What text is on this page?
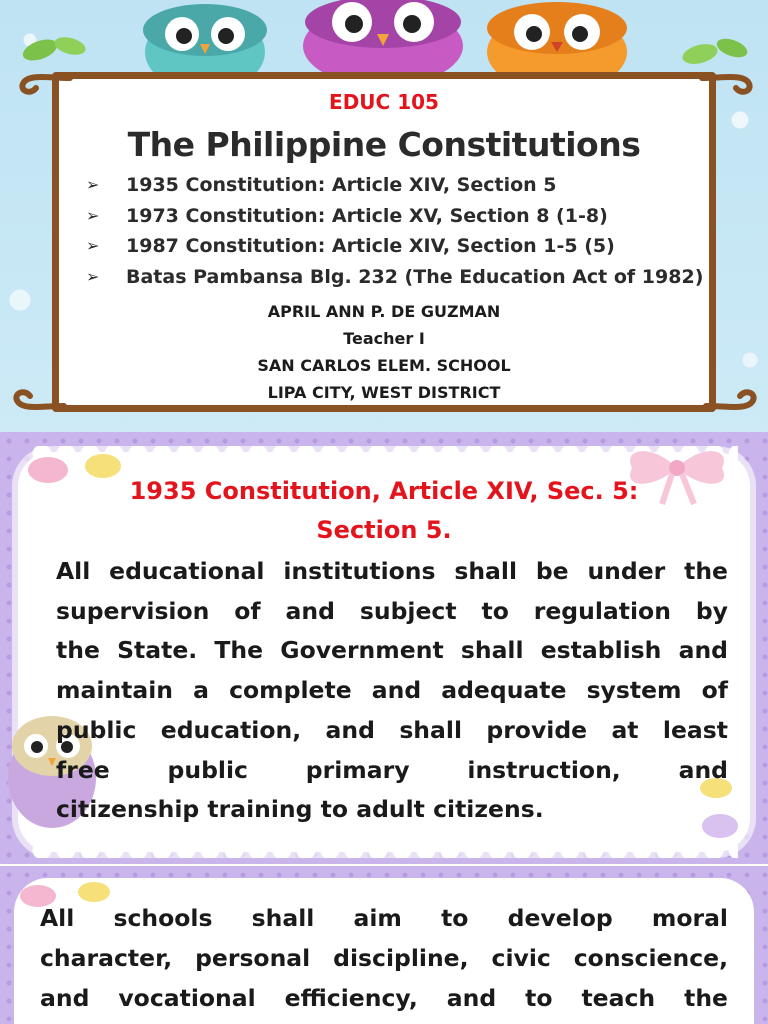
EDUC 105
The Philippine Constitutions
➢ 1935 Constitution: Article XIV, Section 5
➢ 1973 Constitution: Article XV, Section 8 (1-8)
➢ 1987 Constitution: Article XIV, Section 1-5 (5)
➢ Batas Pambansa Blg. 232 (The Education Act of 1982)
APRIL ANN P. DE GUZMAN
Teacher I
SAN CARLOS ELEM. SCHOOL
LIPA CITY, WEST DISTRICT
1935 Constitution, Article XIV, Sec. 5:
Section 5.
All educational institutions shall be under the
supervision of and subject to regulation by
the State. The Government shall establish and
maintain a complete and adequate system of
public education, and shall provide at least
free public primary instruction, and
citizenship training to adult citizens.
All schools shall aim to develop moral
character, personal discipline, civic conscience,
and vocational efficiency, and to teach the
